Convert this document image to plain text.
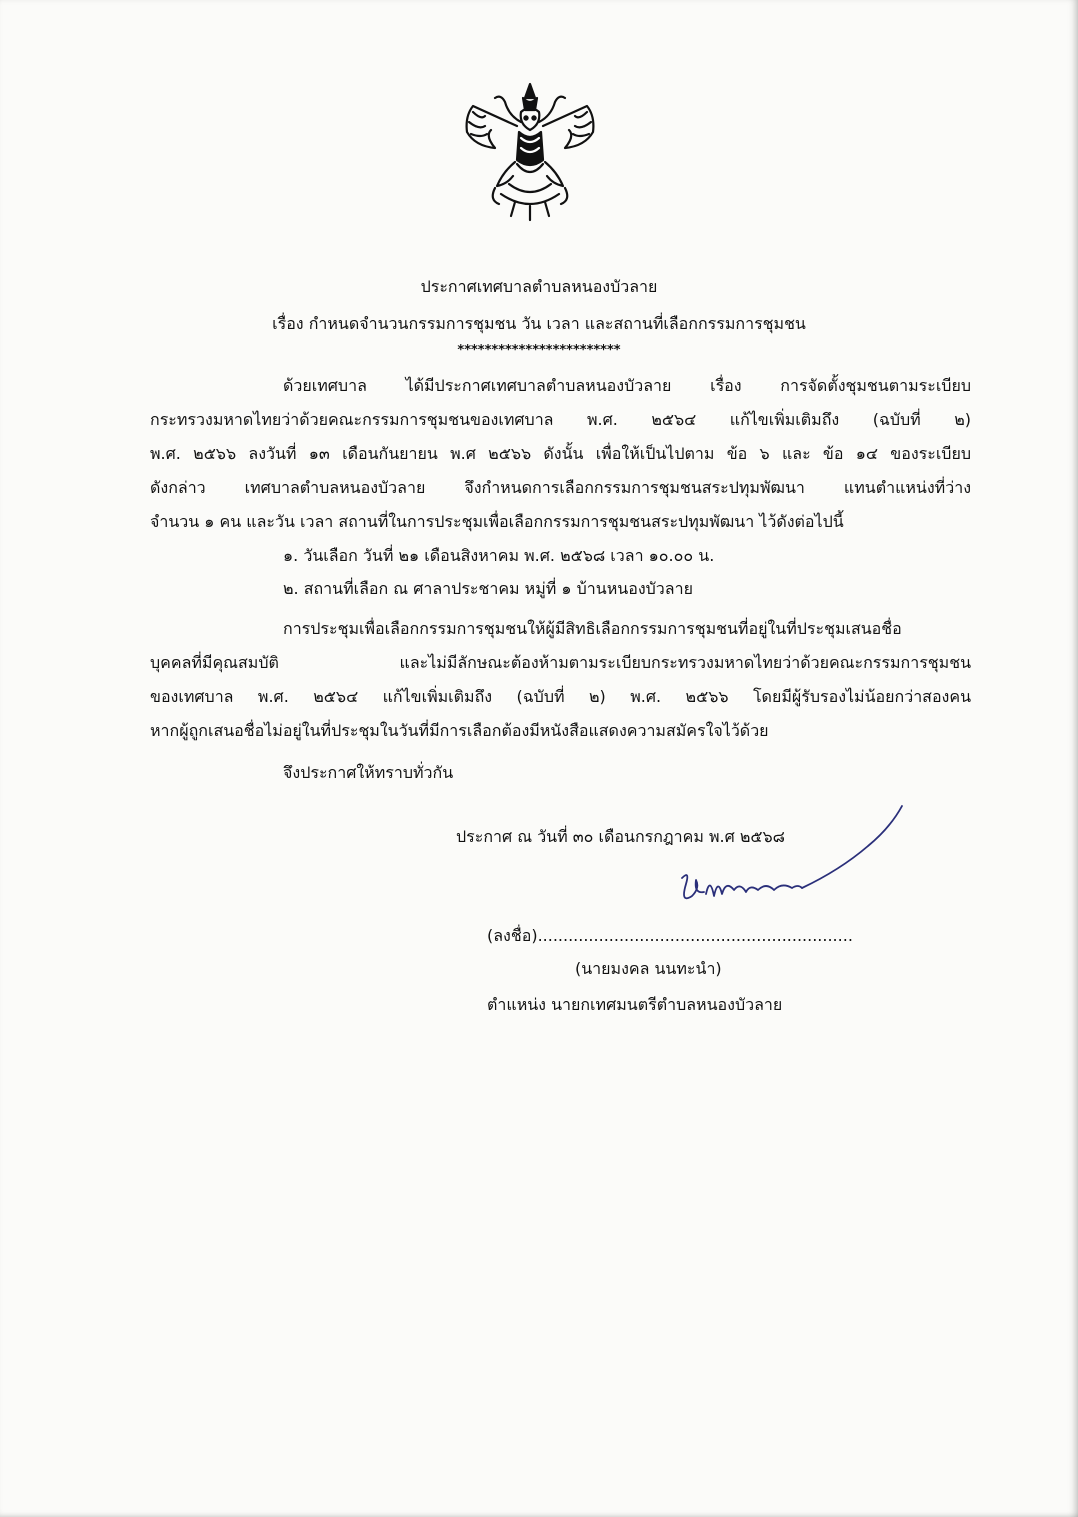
ประกาศเทศบาลตำบลหนองบัวลาย
เรื่อง กำหนดจำนวนกรรมการชุมชน วัน เวลา และสถานที่เลือกกรรมการชุมชน
************************
ด้วยเทศบาล ได้มีประกาศเทศบาลตำบลหนองบัวลาย เรื่อง การจัดตั้งชุมชนตามระเบียบ
กระทรวงมหาดไทยว่าด้วยคณะกรรมการชุมชนของเทศบาล พ.ศ. ๒๕๖๔ แก้ไขเพิ่มเติมถึง (ฉบับที่ ๒)
พ.ศ. ๒๕๖๖ ลงวันที่ ๑๓ เดือนกันยายน พ.ศ ๒๕๖๖ ดังนั้น เพื่อให้เป็นไปตาม ข้อ ๖ และ ข้อ ๑๔ ของระเบียบ
ดังกล่าว เทศบาลตำบลหนองบัวลาย จึงกำหนดการเลือกกรรมการชุมชนสระปทุมพัฒนา แทนตำแหน่งที่ว่าง
จำนวน ๑ คน และวัน เวลา สถานที่ในการประชุมเพื่อเลือกกรรมการชุมชนสระปทุมพัฒนา ไว้ดังต่อไปนี้
๑. วันเลือก วันที่ ๒๑ เดือนสิงหาคม พ.ศ. ๒๕๖๘ เวลา ๑๐.๐๐ น.
๒. สถานที่เลือก ณ ศาลาประชาคม หมู่ที่ ๑ บ้านหนองบัวลาย
การประชุมเพื่อเลือกกรรมการชุมชนให้ผู้มีสิทธิเลือกกรรมการชุมชนที่อยู่ในที่ประชุมเสนอชื่อ
บุคคลที่มีคุณสมบัติ และไม่มีลักษณะต้องห้ามตามระเบียบกระทรวงมหาดไทยว่าด้วยคณะกรรมการชุมชน
ของเทศบาล พ.ศ. ๒๕๖๔ แก้ไขเพิ่มเติมถึง (ฉบับที่ ๒) พ.ศ. ๒๕๖๖ โดยมีผู้รับรองไม่น้อยกว่าสองคน
หากผู้ถูกเสนอชื่อไม่อยู่ในที่ประชุมในวันที่มีการเลือกต้องมีหนังสือแสดงความสมัครใจไว้ด้วย
จึงประกาศให้ทราบทั่วกัน
ประกาศ ณ วันที่ ๓๐ เดือนกรกฎาคม พ.ศ ๒๕๖๘
(ลงชื่อ)..............................................................
(นายมงคล นนทะนำ)
ตำแหน่ง นายกเทศมนตรีตำบลหนองบัวลาย
